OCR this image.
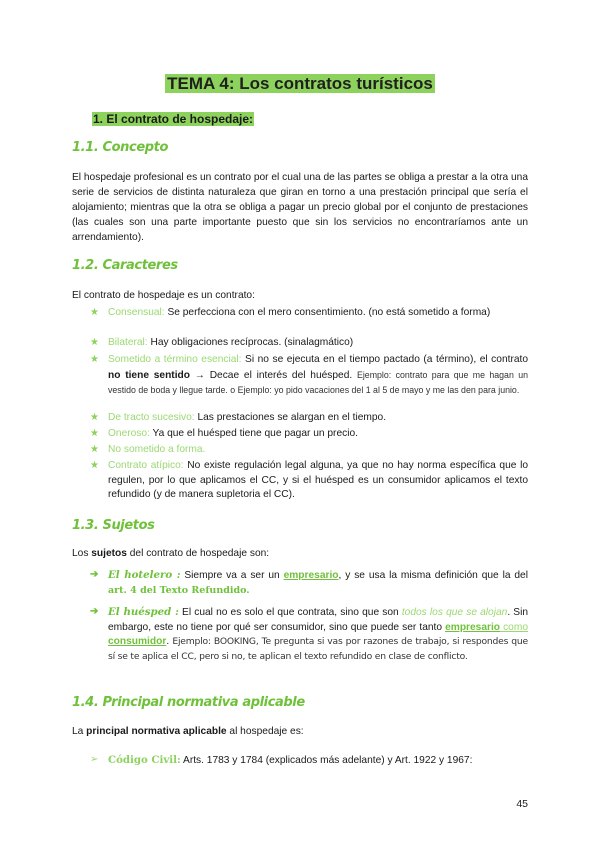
TEMA 4: Los contratos turísticos
1. El contrato de hospedaje:
1.1. Concepto
El hospedaje profesional es un contrato por el cual una de las partes se obliga a prestar a la otra una serie de servicios de distinta naturaleza que giran en torno a una prestación principal que sería el alojamiento; mientras que la otra se obliga a pagar un precio global por el conjunto de prestaciones (las cuales son una parte importante puesto que sin los servicios no encontraríamos ante un arrendamiento).
1.2. Caracteres
El contrato de hospedaje es un contrato:
★ Consensual: Se perfecciona con el mero consentimiento. (no está sometido a forma)
★ Bilateral: Hay obligaciones recíprocas. (sinalagmático)
★ Sometido a término esencial: Si no se ejecuta en el tiempo pactado (a término), el contrato no tiene sentido → Decae el interés del huésped. Ejemplo: contrato para que me hagan un vestido de boda y llegue tarde. o Ejemplo: yo pido vacaciones del 1 al 5 de mayo y me las den para junio.
★ De tracto sucesivo: Las prestaciones se alargan en el tiempo.
★ Oneroso: Ya que el huésped tiene que pagar un precio.
★ No sometido a forma.
★ Contrato atípico: No existe regulación legal alguna, ya que no hay norma específica que lo regulen, por lo que aplicamos el CC, y si el huésped es un consumidor aplicamos el texto refundido (y de manera supletoria el CC).
1.3. Sujetos
Los sujetos del contrato de hospedaje son:
➔ El hotelero : Siempre va a ser un empresario, y se usa la misma definición que la del art. 4 del Texto Refundido.
➔ El huésped : El cual no es solo el que contrata, sino que son todos los que se alojan. Sin embargo, este no tiene por qué ser consumidor, sino que puede ser tanto empresario como consumidor. Ejemplo: BOOKING, Te pregunta si vas por razones de trabajo, si respondes que sí se te aplica el CC, pero si no, te aplican el texto refundido en clase de conflicto.
1.4. Principal normativa aplicable
La principal normativa aplicable al hospedaje es:
➢ Código Civil: Arts. 1783 y 1784 (explicados más adelante) y Art. 1922 y 1967:
45
